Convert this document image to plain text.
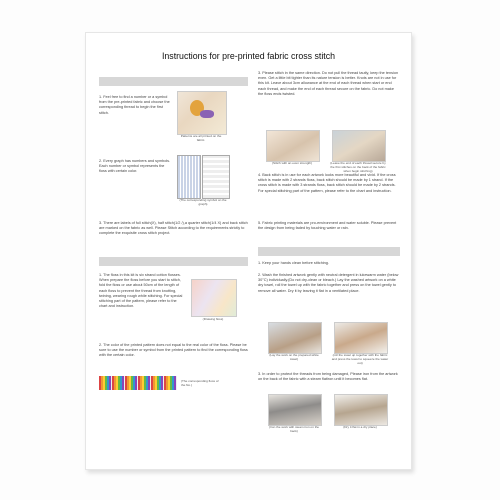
Instructions for pre-printed fabric cross stitch
1. Feel free to find a number or a symbol from the pre-printed fabric and choose the corresponding thread to begin the first stitch.
Patterns are all printed on the fabric.
2. Every graph has numbers and symbols. Each number or symbol represents the floss with certain color.
(The corresponding symbol on the graph)
3. There are labels of full stitch(X), half stitch(1/2 /),a quarter stitch(1/4 X) and back stitch are marked on the fabric as well. Please Stitch according to the requirements strictly to complete the exquisite cross stitch project.
1. The floss in this kit is six strand cotton flosses. When prepare the floss before you start to stitch, fold the floss or use about 50cm of the length of each floss to prevent the thread from knotting, twining, wearing rough while stitching. For special stitching part of the pattern, please refer to the chart and instruction.
(Drawing floss)
2. The color of the printed pattern does not equal to the real color of the floss. Please be sure to use the number or symbol from the printed pattern to find the corresponding floss with the certain color.
(The corresponding floss of the No.)
3. Please stitch in the same direction. Do not pull the thread tautly, keep the tension even. Get a little bit tighter than its nature tension is better. Knots are not in use for this kit. Leave about 3cm allowance at the end of each thread when start or end each thread, and make the end of each thread secure on the fabric. Do not make the floss ends twisted.
(Stitch with an even strength)	(Leave the end of each thread secure by the first stitches on the back of the fabric when begin stitching)
4. Back stitch is in use for each artwork looks more beautiful and vivid. If the cross stitch is made with 2 strands floss, back stitch should be made by 1 strand. If the cross stitch is made with 3 strands floss, back stitch should be made by 2 strands. For special stitching part of the pattern, please refer to the chart and instruction.
5. Fabric printing materials are pro-environment and water soluble. Please prevent the design from being faded by touching water or rain.
1. Keep your hands clean before stitching.
2. Wash the finished artwork gently with neutral detergent in lukewarm water (below 30°C) individually.(Do not dry-clean or bleach.) Lay the washed artwork on a white dry towel, roll the towel up with the fabric together and press on the towel gently to remove all water. Dry it by leaving it flat in a ventilated place.
(Lay the work on the prepared white towel)
(roll the towel up together with the fabric and press the towel to squeeze the water out)
3. In order to protect the threads from being damaged, Please iron from the artwork on the back of the fabric with a steam flatiron until it becomes flat.
(Iron the work with steam iron on the back)
(Dry it flat in a dry place)
